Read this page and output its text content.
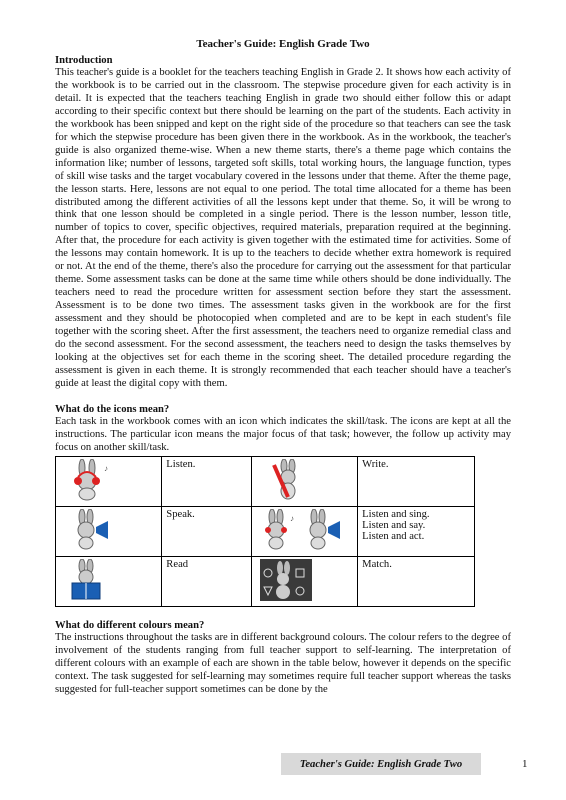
Teacher's Guide: English Grade Two

Introduction

This teacher's guide is a booklet for the teachers teaching English in Grade 2. It shows how each activity of the workbook is to be carried out in the classroom. The stepwise procedure given for each activity is in detail. It is expected that the teachers teaching English in grade two should either follow this or adapt according to their specific context but there should be learning on the part of the students. Each activity in the workbook has been snipped and kept on the right side of the procedure so that teachers can see the task for which the stepwise procedure has been given there in the workbook. As in the workbook, the teacher's guide is also organized theme-wise. When a new theme starts, there's a theme page which contains the information like; number of lessons, targeted soft skills, total working hours, the language function, types of skill wise tasks and the target vocabulary covered in the lessons under that theme. After the theme page, the lesson starts. Here, lessons are not equal to one period. The total time allocated for a theme has been distributed among the different activities of all the lessons kept under that theme. So, it will be wrong to think that one lesson should be completed in a single period. There is the lesson number, lesson title, number of topics to cover, specific objectives, required materials, preparation required at the beginning. After that, the procedure for each activity is given together with the estimated time for activities. Some of the lessons may contain homework. It is up to the teachers to decide whether extra homework is required or not. At the end of the theme, there's also the procedure for carrying out the assessment for that particular theme. Some assessment tasks can be done at the same time while others should be done individually. The teachers need to read the procedure written for assessment section before they start the assessment. Assessment is to be done two times. The assessment tasks given in the workbook are for the first assessment and they should be photocopied when completed and are to be kept in each student's file together with the scoring sheet. After the first assessment, the teachers need to organize remedial class and do the second assessment. For the second assessment, the teachers need to design the tasks themselves by looking at the objectives set for each theme in the scoring sheet. The detailed procedure regarding the assessment is given in each theme. It is strongly recommended that each teacher should have a teacher's guide at least the digital copy with them.

What do the icons mean?

Each task in the workbook comes with an icon which indicates the skill/task. The icons are kept at all the instructions. The particular icon means the major focus of that task; however, the follow up activity may focus on another skill/task.

♪	Listen.		Write.

	Speak.	♪	Listen and sing.
Listen and say.
Listen and act.

	Read		Match.

What do different colours mean?

The instructions throughout the tasks are in different background colours. The colour refers to the degree of involvement of the students ranging from full teacher support to self-learning. The interpretation of different colours with an example of each are shown in the table below, however it depends on the specific context. The task suggested for self-learning may sometimes require full teacher support whereas the tasks suggested for full-teacher support sometimes can be done by the

Teacher's Guide: English Grade Two	1
